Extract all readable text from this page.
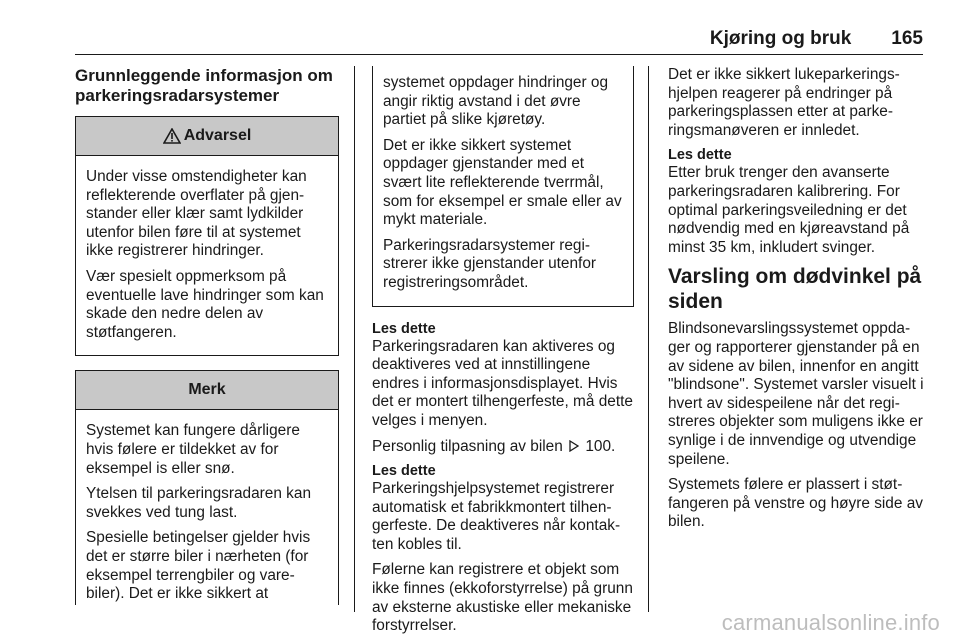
Kjøring og bruk 165
Grunnleggende informasjon om parkeringsradarsystemer
Advarsel

Under visse omstendigheter kan reflekterende overflater på gjenstander eller klær samt lydkilder utenfor bilen føre til at systemet ikke registrerer hindringer.

Vær spesielt oppmerksom på eventuelle lave hindringer som kan skade den nedre delen av støtfangeren.

Merk

Systemet kan fungere dårligere hvis følere er tildekket av for eksempel is eller snø.

Ytelsen til parkeringsradaren kan svekkes ved tung last.

Spesielle betingelser gjelder hvis det er større biler i nærheten (for eksempel terrengbiler og varebiler). Det er ikke sikkert at

systemet oppdager hindringer og angir riktig avstand i det øvre partiet på slike kjøretøy.

Det er ikke sikkert systemet oppdager gjenstander med et svært lite reflekterende tverrmål, som for eksempel er smale eller av mykt materiale.

Parkeringsradarsystemer registrerer ikke gjenstander utenfor registreringsområdet.

Les dette

Parkeringsradaren kan aktiveres og deaktiveres ved at innstillingene endres i informasjonsdisplayet. Hvis det er montert tilhengerfeste, må dette velges i menyen.

Personlig tilpasning av bilen 100.

Les dette

Parkeringshjelpsystemet registrerer automatisk et fabrikkmontert tilhengerfeste. De deaktiveres når kontakten kobles til.

Følerne kan registrere et objekt som ikke finnes (ekkoforstyrrelse) på grunn av eksterne akustiske eller mekaniske forstyrrelser.

Det er ikke sikkert lukeparkeringshjelpen reagerer på endringer på parkeringsplassen etter at parkeringsmanøveren er innledet.

Les dette

Etter bruk trenger den avanserte parkeringsradaren kalibrering. For optimal parkeringsveiledning er det nødvendig med en kjøreavstand på minst 35 km, inkludert svinger.

Varsling om dødvinkel på siden

Blindsonevarslingssystemet oppdager og rapporterer gjenstander på en av sidene av bilen, innenfor en angitt "blindsone". Systemet varsler visuelt i hvert av sidespeilene når det registreres objekter som muligens ikke er synlige i de innvendige og utvendige speilene.

Systemets følere er plassert i støtfangeren på venstre og høyre side av bilen.

carmanualsonline.info
